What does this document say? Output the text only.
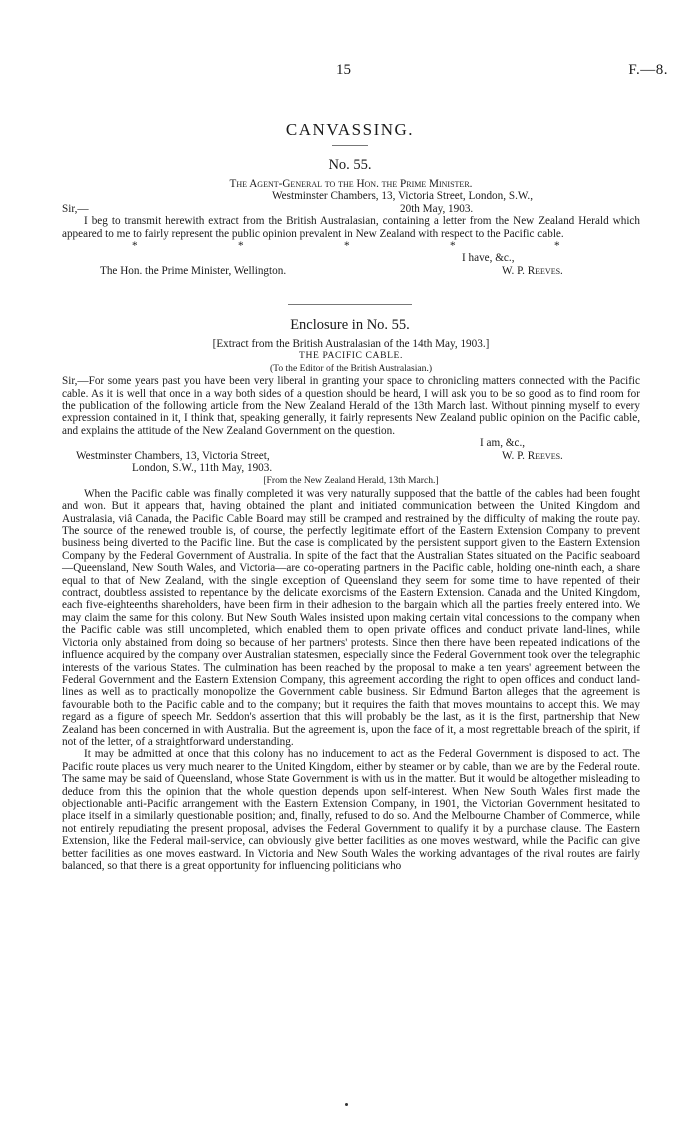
15	F.—8.
CANVASSING.
No. 55.
The Agent-General to the Hon. the Prime Minister.
Westminster Chambers, 13, Victoria Street, London, S.W.,
Sir,—	20th May, 1903.
I beg to transmit herewith extract from the British Australasian, containing a letter from the New Zealand Herald which appeared to me to fairly represent the public opinion prevalent in New Zealand with respect to the Pacific cable.
*	*	*	*	*
I have, &c.,
The Hon. the Prime Minister, Wellington.	W. P. Reeves.
Enclosure in No. 55.
[Extract from the British Australasian of the 14th May, 1903.]
THE PACIFIC CABLE.
(To the Editor of the British Australasian.)
Sir,—For some years past you have been very liberal in granting your space to chronicling matters connected with the Pacific cable. As it is well that once in a way both sides of a question should be heard, I will ask you to be so good as to find room for the publication of the following article from the New Zealand Herald of the 13th March last. Without pinning myself to every expression contained in it, I think that, speaking generally, it fairly represents New Zealand public opinion on the Pacific cable, and explains the attitude of the New Zealand Government on the question.
I am, &c.,
Westminster Chambers, 13, Victoria Street,	W. P. Reeves.
London, S.W., 11th May, 1903.
[From the New Zealand Herald, 13th March.]
When the Pacific cable was finally completed it was very naturally supposed that the battle of the cables had been fought and won. But it appears that, having obtained the plant and initiated communication between the United Kingdom and Australasia, viâ Canada, the Pacific Cable Board may still be cramped and restrained by the difficulty of making the route pay. The source of the renewed trouble is, of course, the perfectly legitimate effort of the Eastern Extension Company to prevent business being diverted to the Pacific line. But the case is complicated by the persistent support given to the Eastern Extension Company by the Federal Government of Australia. In spite of the fact that the Australian States situated on the Pacific seaboard—Queensland, New South Wales, and Victoria—are co-operating partners in the Pacific cable, holding one-ninth each, a share equal to that of New Zealand, with the single exception of Queensland they seem for some time to have repented of their contract, doubtless assisted to repentance by the delicate exorcisms of the Eastern Extension. Canada and the United Kingdom, each five-eighteenths shareholders, have been firm in their adhesion to the bargain which all the parties freely entered into. We may claim the same for this colony. But New South Wales insisted upon making certain vital concessions to the company when the Pacific cable was still uncompleted, which enabled them to open private offices and conduct private land-lines, while Victoria only abstained from doing so because of her partners' protests. Since then there have been repeated indications of the influence acquired by the company over Australian statesmen, especially since the Federal Government took over the telegraphic interests of the various States. The culmination has been reached by the proposal to make a ten years' agreement between the Federal Government and the Eastern Extension Company, this agreement according the right to open offices and conduct land-lines as well as to practically monopolize the Government cable business. Sir Edmund Barton alleges that the agreement is favourable both to the Pacific cable and to the company; but it requires the faith that moves mountains to accept this. We may regard as a figure of speech Mr. Seddon's assertion that this will probably be the last, as it is the first, partnership that New Zealand has been concerned in with Australia. But the agreement is, upon the face of it, a most regrettable breach of the spirit, if not of the letter, of a straightforward understanding.
It may be admitted at once that this colony has no inducement to act as the Federal Government is disposed to act. The Pacific route places us very much nearer to the United Kingdom, either by steamer or by cable, than we are by the Federal route. The same may be said of Queensland, whose State Government is with us in the matter. But it would be altogether misleading to deduce from this the opinion that the whole question depends upon self-interest. When New South Wales first made the objectionable anti-Pacific arrangement with the Eastern Extension Company, in 1901, the Victorian Government hesitated to place itself in a similarly questionable position; and, finally, refused to do so. And the Melbourne Chamber of Commerce, while not entirely repudiating the present proposal, advises the Federal Government to qualify it by a purchase clause. The Eastern Extension, like the Federal mail-service, can obviously give better facilities as one moves westward, while the Pacific can give better facilities as one moves eastward. In Victoria and New South Wales the working advantages of the rival routes are fairly balanced, so that there is a great opportunity for influencing politicians who
